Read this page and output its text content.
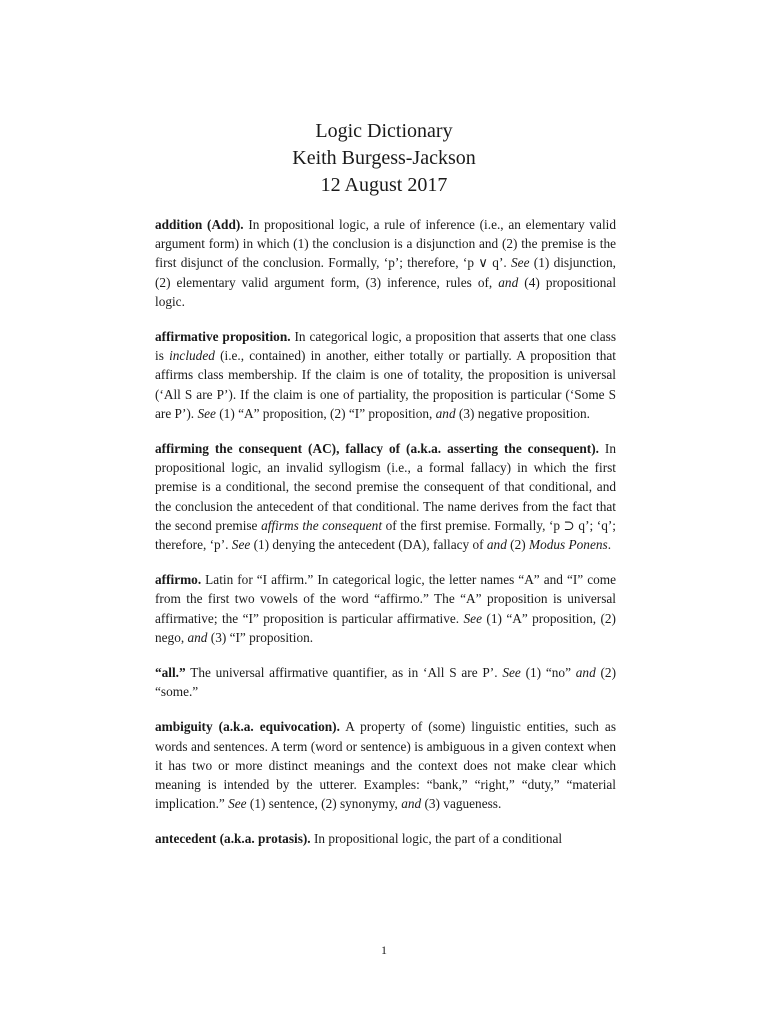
Logic Dictionary
Keith Burgess-Jackson
12 August 2017

addition (Add). In propositional logic, a rule of inference (i.e., an elementary valid argument form) in which (1) the conclusion is a disjunction and (2) the premise is the first disjunct of the conclusion. Formally, ‘p’; therefore, ‘p ∨ q’. See (1) disjunction, (2) elementary valid argument form, (3) inference, rules of, and (4) propositional logic.

affirmative proposition. In categorical logic, a proposition that asserts that one class is included (i.e., contained) in another, either totally or partially. A proposition that affirms class membership. If the claim is one of totality, the proposition is universal (‘All S are P’). If the claim is one of partiality, the proposition is particular (‘Some S are P’). See (1) “A” proposition, (2) “I” proposition, and (3) negative proposition.

affirming the consequent (AC), fallacy of (a.k.a. asserting the consequent). In propositional logic, an invalid syllogism (i.e., a formal fallacy) in which the first premise is a conditional, the second premise the consequent of that conditional, and the conclusion the antecedent of that conditional. The name derives from the fact that the second premise affirms the consequent of the first premise. Formally, ‘p ⊃ q’; ‘q’; therefore, ‘p’. See (1) denying the antecedent (DA), fallacy of and (2) Modus Ponens.

affirmo. Latin for “I affirm.” In categorical logic, the letter names “A” and “I” come from the first two vowels of the word “affirmo.” The “A” proposition is universal affirmative; the “I” proposition is particular affirmative. See (1) “A” proposition, (2) nego, and (3) “I” proposition.

“all.” The universal affirmative quantifier, as in ‘All S are P’. See (1) “no” and (2) “some.”

ambiguity (a.k.a. equivocation). A property of (some) linguistic entities, such as words and sentences. A term (word or sentence) is ambiguous in a given context when it has two or more distinct meanings and the context does not make clear which meaning is intended by the utterer. Examples: “bank,” “right,” “duty,” “material implication.” See (1) sentence, (2) synonymy, and (3) vagueness.

antecedent (a.k.a. protasis). In propositional logic, the part of a conditional

1
